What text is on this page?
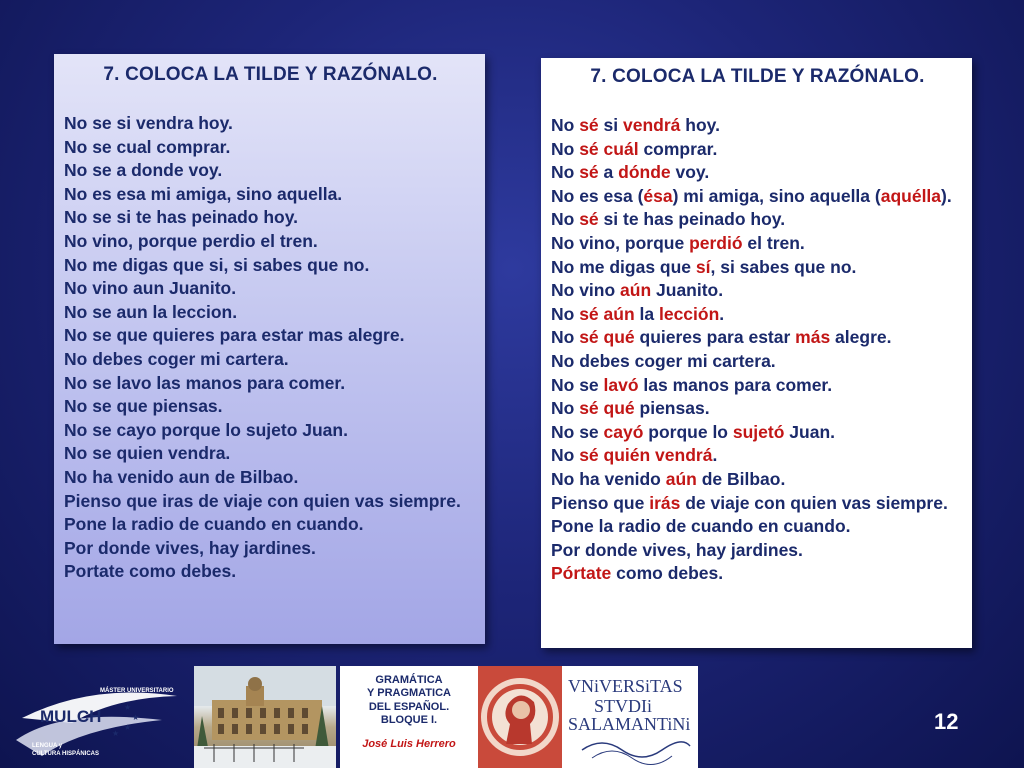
7. COLOCA LA TILDE Y RAZÓNALO.
No se si vendra hoy.
No se cual comprar.
No se a donde voy.
No es esa mi amiga, sino aquella.
No se si te has peinado hoy.
No vino, porque perdio el tren.
No me digas que si, si sabes que no.
No vino aun Juanito.
No se aun la leccion.
No se que quieres para estar mas alegre.
No debes coger mi cartera.
No se lavo las manos para comer.
No se que piensas.
No se cayo porque lo sujeto Juan.
No se quien vendra.
No ha venido aun de Bilbao.
Pienso que iras de viaje con quien vas siempre.
Pone la radio de cuando en cuando.
Por donde vives, hay jardines.
Portate como debes.
7. COLOCA LA TILDE Y RAZÓNALO.
No sé si vendrá hoy.
No sé cuál comprar.
No sé a dónde voy.
No es esa (ésa) mi amiga, sino aquella (aquélla).
No sé si te has peinado hoy.
No vino, porque perdió el tren.
No me digas que sí, si sabes que no.
No vino aún Juanito.
No sé aún la lección.
No sé qué quieres para estar más alegre.
No debes coger mi cartera.
No se lavó las manos para comer.
No sé qué piensas.
No se cayó porque lo sujetó Juan.
No sé quién vendrá.
No ha venido aún de Bilbao.
Pienso que irás de viaje con quien vas siempre.
Pone la radio de cuando en cuando.
Por donde vives, hay jardines.
Pórtate como debes.
MÁSTER UNIVERSITARIO
MULCH	★
★
★
★
LENGUA y
CULTURA HISPÁNICAS
GRAMÁTICA
Y PRAGMATICA
DEL ESPAÑOL.
BLOQUE I.
José Luis Herrero
VNiVERSiTAS
STVDIi
SALAMANTiNi	12
